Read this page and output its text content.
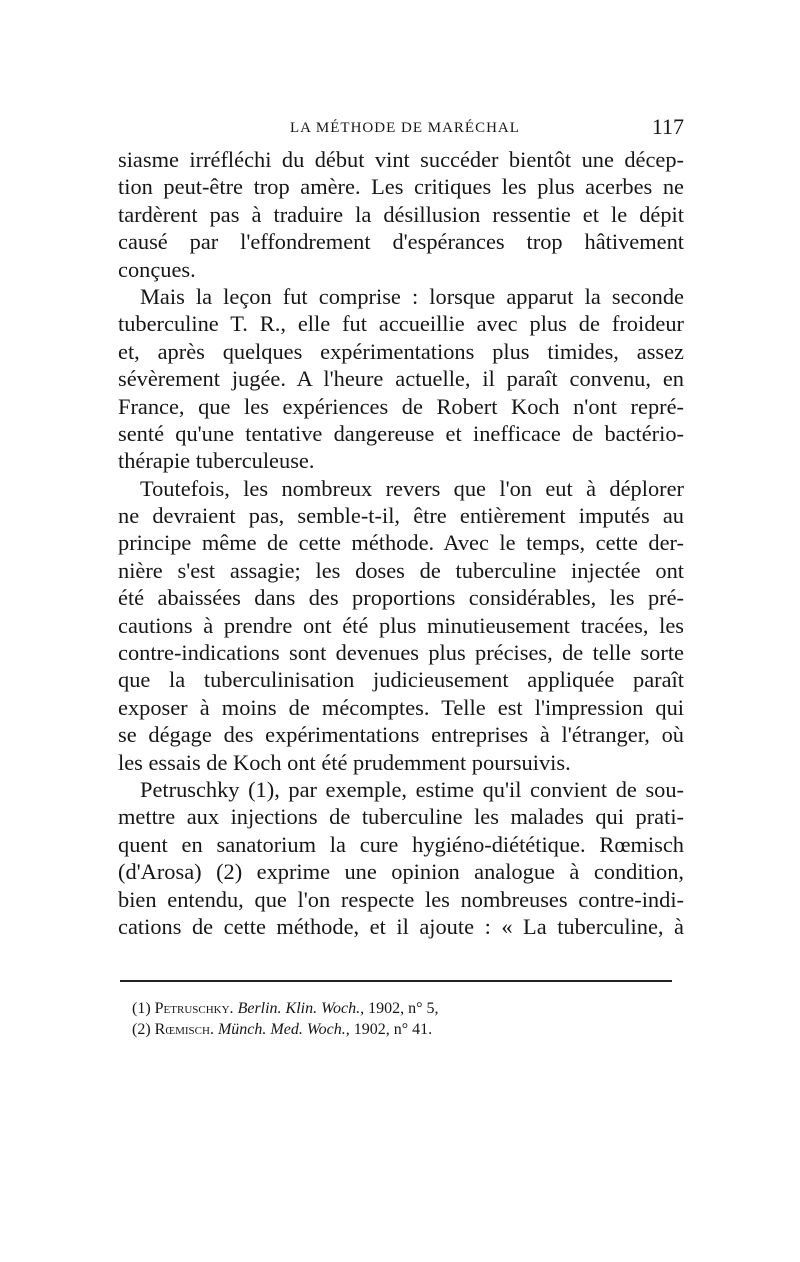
LA MÉTHODE DE MARÉCHAL	117
siasme irréfléchi du début vint succéder bientôt une décep-
tion peut-être trop amère. Les critiques les plus acerbes ne
tardèrent pas à traduire la désillusion ressentie et le dépit
causé par l'effondrement d'espérances trop hâtivement
conçues.
Mais la leçon fut comprise : lorsque apparut la seconde
tuberculine T. R., elle fut accueillie avec plus de froideur
et, après quelques expérimentations plus timides, assez
sévèrement jugée. A l'heure actuelle, il paraît convenu, en
France, que les expériences de Robert Koch n'ont repré-
senté qu'une tentative dangereuse et inefficace de bactério-
thérapie tuberculeuse.
Toutefois, les nombreux revers que l'on eut à déplorer
ne devraient pas, semble-t-il, être entièrement imputés au
principe même de cette méthode. Avec le temps, cette der-
nière s'est assagie; les doses de tuberculine injectée ont
été abaissées dans des proportions considérables, les pré-
cautions à prendre ont été plus minutieusement tracées, les
contre-indications sont devenues plus précises, de telle sorte
que la tuberculinisation judicieusement appliquée paraît
exposer à moins de mécomptes. Telle est l'impression qui
se dégage des expérimentations entreprises à l'étranger, où
les essais de Koch ont été prudemment poursuivis.
Petruschky (1), par exemple, estime qu'il convient de sou-
mettre aux injections de tuberculine les malades qui prati-
quent en sanatorium la cure hygiéno-diététique. Rœmisch
(d'Arosa) (2) exprime une opinion analogue à condition,
bien entendu, que l'on respecte les nombreuses contre-indi-
cations de cette méthode, et il ajoute : « La tuberculine, à
(1) Petruschky. Berlin. Klin. Woch., 1902, n° 5,
(2) Rœmisch. Münch. Med. Woch., 1902, n° 41.
